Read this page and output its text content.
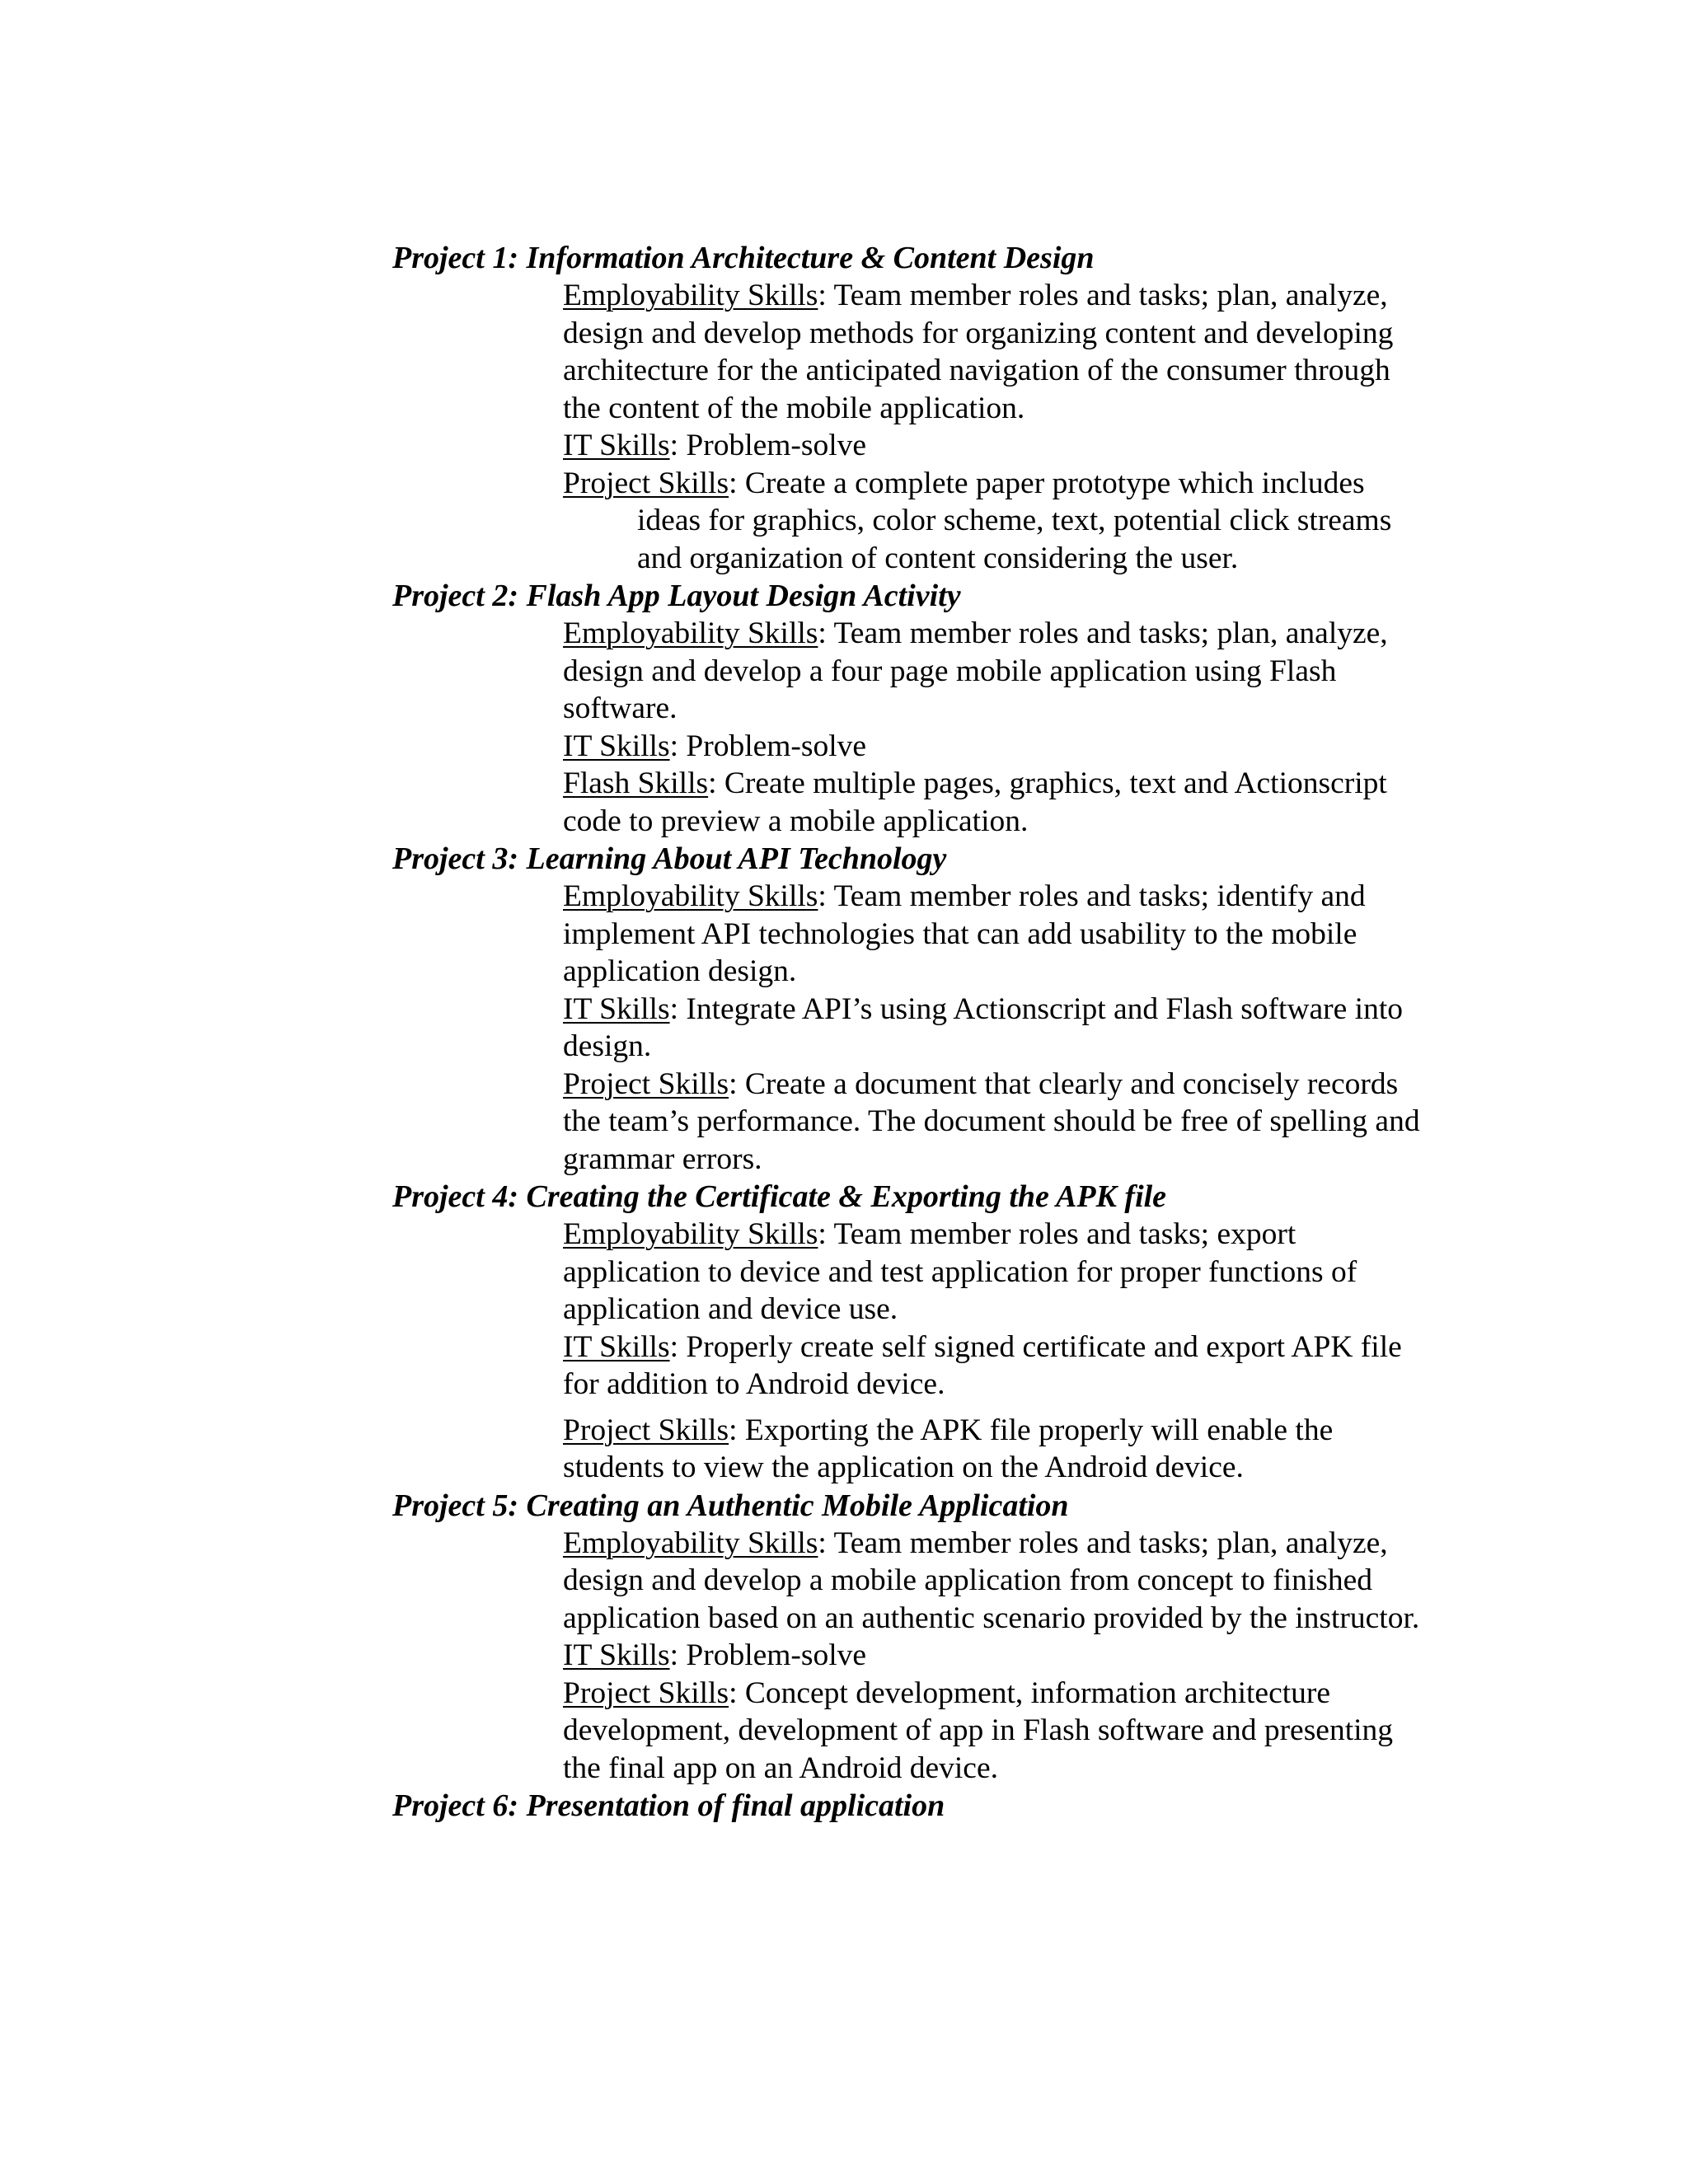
Project 1: Information Architecture & Content Design

Employability Skills: Team member roles and tasks; plan, analyze, design and develop methods for organizing content and developing architecture for the anticipated navigation of the consumer through the content of the mobile application.

IT Skills: Problem-solve

Project Skills: Create a complete paper prototype which includes ideas for graphics, color scheme, text, potential click streams and organization of content considering the user.

Project 2: Flash App Layout Design Activity

Employability Skills: Team member roles and tasks; plan, analyze, design and develop a four page mobile application using Flash software.

IT Skills: Problem-solve

Flash Skills: Create multiple pages, graphics, text and Actionscript code to preview a mobile application.

Project 3: Learning About API Technology

Employability Skills: Team member roles and tasks; identify and implement API technologies that can add usability to the mobile application design.

IT Skills: Integrate API’s using Actionscript and Flash software into design.

Project Skills: Create a document that clearly and concisely records the team’s performance. The document should be free of spelling and grammar errors.

Project 4: Creating the Certificate & Exporting the APK file

Employability Skills: Team member roles and tasks; export application to device and test application for proper functions of application and device use.

IT Skills: Properly create self signed certificate and export APK file for addition to Android device.

Project Skills: Exporting the APK file properly will enable the students to view the application on the Android device.

Project 5: Creating an Authentic Mobile Application

Employability Skills: Team member roles and tasks; plan, analyze, design and develop a mobile application from concept to finished application based on an authentic scenario provided by the instructor.

IT Skills: Problem-solve

Project Skills: Concept development, information architecture development, development of app in Flash software and presenting the final app on an Android device.

Project 6: Presentation of final application
